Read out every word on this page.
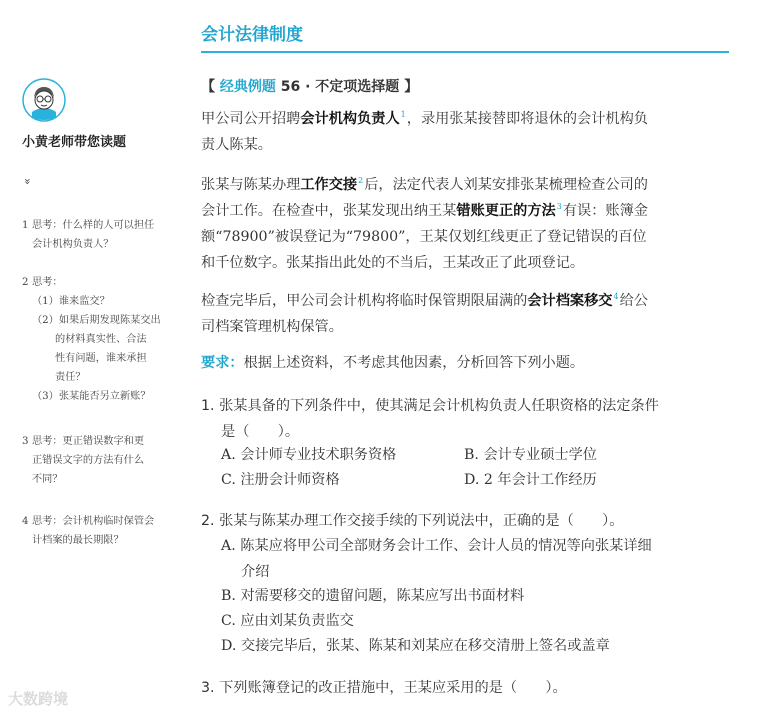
会计法律制度
小黄老师带您读题
»
1 思考：什么样的人可以担任
会计机构负责人？
2 思考：
（1）谁来监交？
（2）如果后期发现陈某交出
的材料真实性、合法
性有问题，谁来承担
责任？
（3）张某能否另立新账？
3 思考：更正错误数字和更
正错误文字的方法有什么
不同？
4 思考：会计机构临时保管会
计档案的最长期限？
【 经典例题 56 · 不定项选择题 】
甲公司公开招聘会计机构负责人$^1$，录用张某接替即将退休的会计机构负
责人陈某。
张某与陈某办理工作交接$^2$后，法定代表人刘某安排张某梳理检查公司的
会计工作。在检查中，张某发现出纳王某错账更正的方法$^3$有误：账簿金
额“78900”被误登记为“79800”，王某仅划红线更正了登记错误的百位
和千位数字。张某指出此处的不当后，王某改正了此项登记。
检查完毕后，甲公司会计机构将临时保管期限届满的会计档案移交$^4$给公
司档案管理机构保管。
要求：根据上述资料，不考虑其他因素，分析回答下列小题。
1. 张某具备的下列条件中，使其满足会计机构负责人任职资格的法定条件
是（　　）。
A. 会计师专业技术职务资格	B. 会计专业硕士学位
C. 注册会计师资格	D. 2 年会计工作经历
2. 张某与陈某办理工作交接手续的下列说法中，正确的是（　　）。
A. 陈某应将甲公司全部财务会计工作、会计人员的情况等向张某详细
介绍
B. 对需要移交的遗留问题，陈某应写出书面材料
C. 应由刘某负责监交
D. 交接完毕后，张某、陈某和刘某应在移交清册上签名或盖章
3. 下列账簿登记的改正措施中，王某应采用的是（　　）。
大数跨境
